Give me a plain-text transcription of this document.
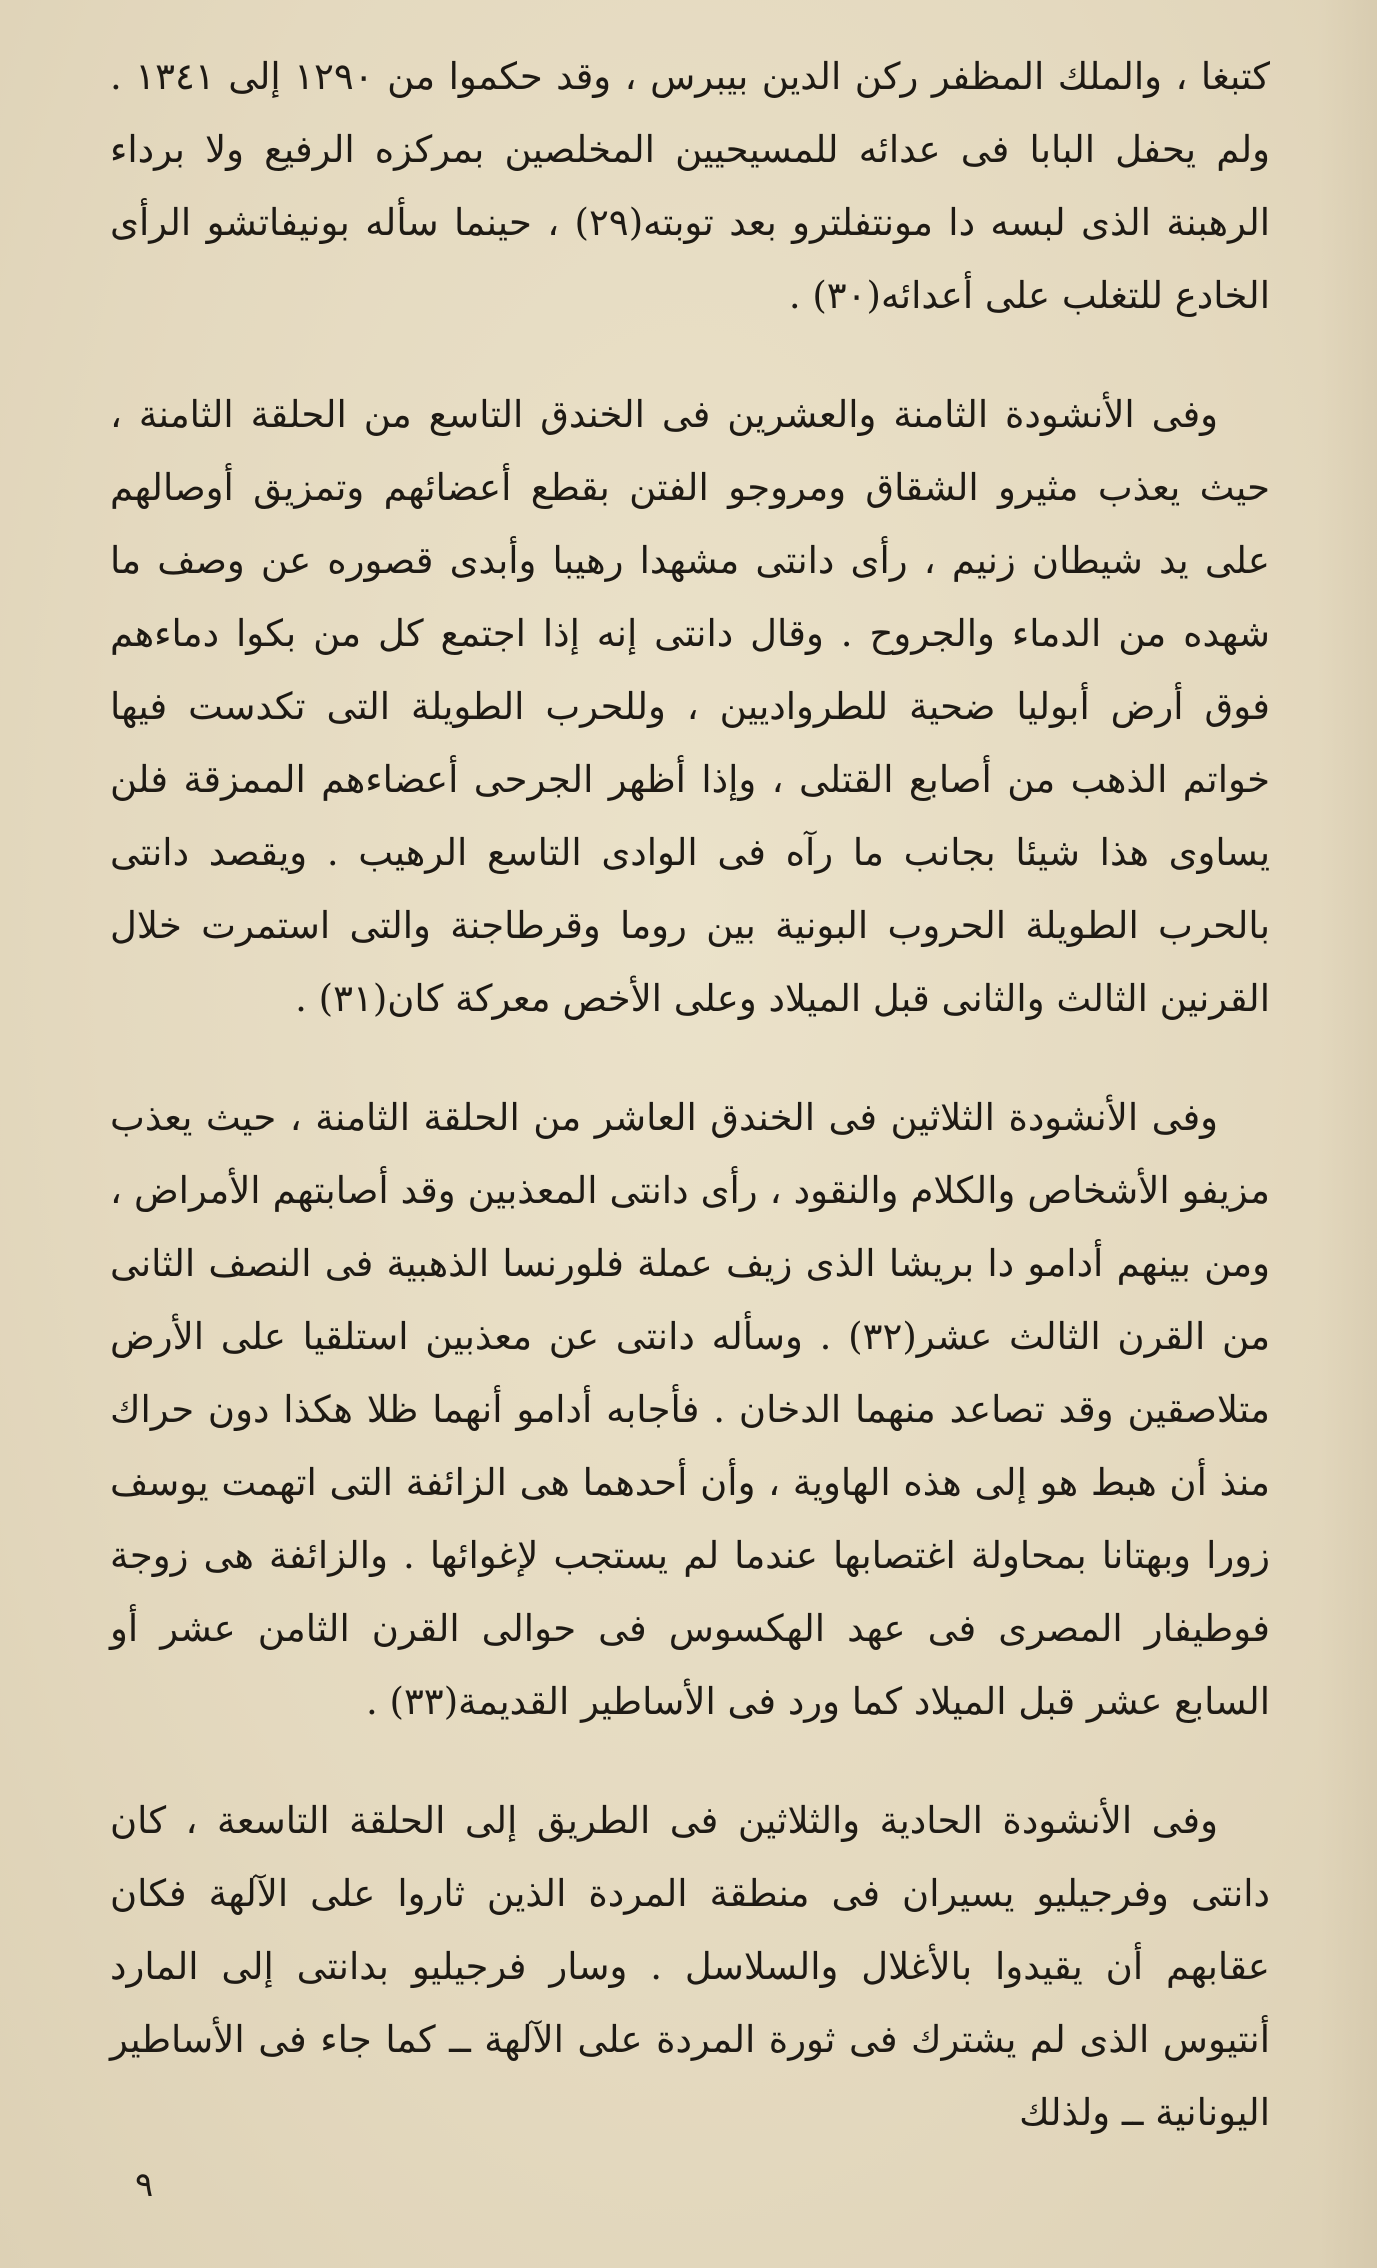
كتبغا ، والملك المظفر ركن الدين بيبرس ، وقد حكموا من ١٢٩٠ إلى ١٣٤١ . ولم يحفل البابا فى عدائه للمسيحيين المخلصين بمركزه الرفيع ولا برداء الرهبنة الذى لبسه دا مونتفلترو بعد توبته(٢٩) ، حينما سأله بونيفاتشو الرأى الخادع للتغلب على أعدائه(٣٠) .

وفى الأنشودة الثامنة والعشرين فى الخندق التاسع من الحلقة الثامنة ، حيث يعذب مثيرو الشقاق ومروجو الفتن بقطع أعضائهم وتمزيق أوصالهم على يد شيطان زنيم ، رأى دانتى مشهدا رهيبا وأبدى قصوره عن وصف ما شهده من الدماء والجروح . وقال دانتى إنه إذا اجتمع كل من بكوا دماءهم فوق أرض أبوليا ضحية للطرواديين ، وللحرب الطويلة التى تكدست فيها خواتم الذهب من أصابع القتلى ، وإذا أظهر الجرحى أعضاءهم الممزقة فلن يساوى هذا شيئا بجانب ما رآه فى الوادى التاسع الرهيب . ويقصد دانتى بالحرب الطويلة الحروب البونية بين روما وقرطاجنة والتى استمرت خلال القرنين الثالث والثانى قبل الميلاد وعلى الأخص معركة كان(٣١) .

وفى الأنشودة الثلاثين فى الخندق العاشر من الحلقة الثامنة ، حيث يعذب مزيفو الأشخاص والكلام والنقود ، رأى دانتى المعذبين وقد أصابتهم الأمراض ، ومن بينهم أدامو دا بريشا الذى زيف عملة فلورنسا الذهبية فى النصف الثانى من القرن الثالث عشر(٣٢) . وسأله دانتى عن معذبين استلقيا على الأرض متلاصقين وقد تصاعد منهما الدخان . فأجابه أدامو أنهما ظلا هكذا دون حراك منذ أن هبط هو إلى هذه الهاوية ، وأن أحدهما هى الزائفة التى اتهمت يوسف زورا وبهتانا بمحاولة اغتصابها عندما لم يستجب لإغوائها . والزائفة هى زوجة فوطيفار المصرى فى عهد الهكسوس فى حوالى القرن الثامن عشر أو السابع عشر قبل الميلاد كما ورد فى الأساطير القديمة(٣٣) .

وفى الأنشودة الحادية والثلاثين فى الطريق إلى الحلقة التاسعة ، كان دانتى وفرجيليو يسيران فى منطقة المردة الذين ثاروا على الآلهة فكان عقابهم أن يقيدوا بالأغلال والسلاسل . وسار فرجيليو بدانتى إلى المارد أنتيوس الذى لم يشترك فى ثورة المردة على الآلهة ــ كما جاء فى الأساطير اليونانية ــ ولذلك

٩
